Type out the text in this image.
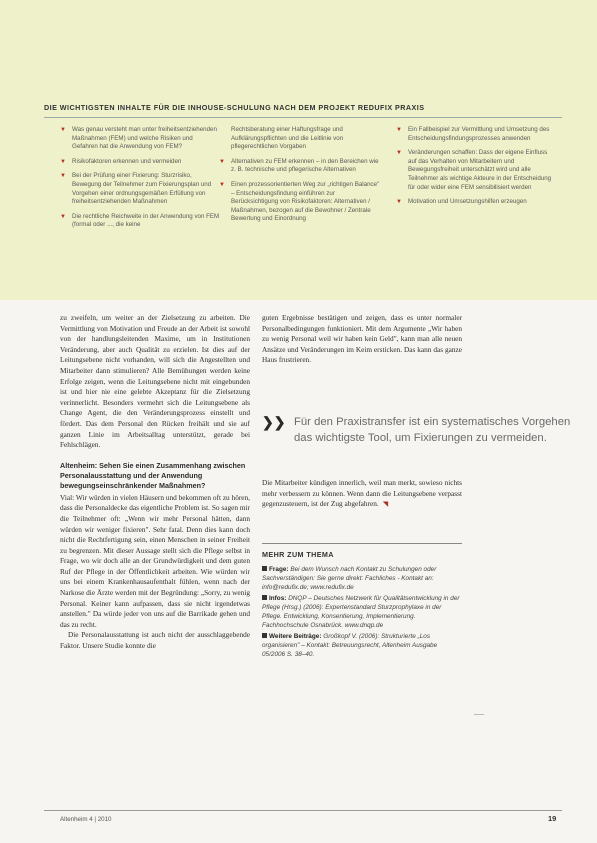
DIE WICHTIGSTEN INHALTE FÜR DIE INHOUSE-SCHULUNG NACH DEM PROJEKT REDUFIX PRAXIS
▼ Was genau versteht man unter freiheitsentziehenden Maßnahmen (FEM) und welche Risiken und Gefahren hat die Anwendung von FEM?
▼ Risikofaktoren erkennen und vermeiden
▼ Bei der Prüfung einer Fixierung: Sturzrisiko, Bewegung der Teilnehmer zum Fixierungsplan und Vorgehen einer ordnungsgemäßen Erfüllung von freiheitsentziehenden Maßnahmen
▼ Die rechtliche Reichweite in der Anwendung von FEM (formal oder ..., die keine
Rechtsberatung einer Haftungsfrage und Aufklärungspflichten und die Leitlinie von pflegerechtlichen Vorgaben
▼ Alternativen zu FEM erkennen – in den Bereichen wie z. B. technische und pflegerische Alternativen
▼ Einen prozessorientierten Weg zur „richtigen Balance" – Entscheidungsfindung einführen zur Berücksichtigung von Risikofaktoren: Alternativen / Maßnahmen, bezogen auf die Bewohner / Zentrale Bewertung und Einordnung
▼ Ein Fallbeispiel zur Vermittlung und Umsetzung des Entscheidungsfindungsprozesses anwenden
▼ Veränderungen schaffen: Dass der eigene Einfluss auf das Verhalten von Mitarbeitern und Bewegungsfreiheit unterschätzt wird und alle Teilnehmer als wichtige Akteure in der Entscheidung für oder wider eine FEM sensibilisiert werden
▼ Motivation und Umsetzungshilfen erzeugen

zu zweifeln, um weiter an der Zielsetzung zu arbeiten. Die Vermittlung von Motivation und Freude an der Arbeit ist sowohl von der handlungsleitenden Maxime, um in Institutionen Veränderung, aber auch Qualität zu erzielen. Ist dies auf der Leitungsebene nicht vorhanden, will sich die Angestellten und Mitarbeiter dann stimulieren? Alle Bemühungen werden keine Erfolge zeigen, wenn die Leitungsebene nicht mit eingebunden ist und hier nie eine gelebte Akzeptanz für die Zielsetzung verinnerlicht. Besonders vermehrt sich die Leitungsebene als Change Agent, die den Veränderungsprozess einstellt und fördert. Das dem Personal den Rücken freihält und sie auf ganzen Linie im Arbeitsalltag unterstützt, gerade bei Fehlschlägen.

Altenheim: Sehen Sie einen Zusammenhang zwischen Personalausstattung und der Anwendung bewegungseinschränkender Maßnahmen?

Vial: Wir würden in vielen Häusern und bekommen oft zu hören, dass die Personaldecke das eigentliche Problem ist. So sagen mir die Teilnehmer oft: „Wenn wir mehr Personal hätten, dann würden wir weniger fixieren". Sehr fatal. Denn dies kann doch nicht die Rechtfertigung sein, einen Menschen in seiner Freiheit zu begrenzen. Mit dieser Aussage stellt sich die Pflege selbst in Frage, wo wir doch alle an der Grundwürdigkeit und dem guten Ruf der Pflege in der Öffentlichkeit arbeiten. Wie würden wir uns bei einem Krankenhausaufenthalt fühlen, wenn nach der Narkose die Ärzte werden mit der Begründung: „Sorry, zu wenig Personal. Keiner kann aufpassen, dass sie nicht irgendetwas anstellen." Da würde jeder von uns auf die Barrikade gehen und das zu recht.

Die Personalausstattung ist auch nicht der ausschlaggebende Faktor. Unsere Studie konnte die

guten Ergebnisse bestätigen und zeigen, dass es unter normaler Personalbedingungen funktioniert. Mit dem Argumente „Wir haben zu wenig Personal weil wir haben kein Geld", kann man alle neuen Ansätze und Veränderungen im Keim ersticken. Das kann das ganze Haus frustrieren.

Für den Praxistransfer ist ein systematisches Vorgehen das wichtigste Tool, um Fixierungen zu vermeiden.
❯❯

Die Mitarbeiter kündigen innerlich, weil man merkt, sowieso nichts mehr verbessern zu können. Wenn dann die Leitungsebene verpasst gegenzusteuern, ist der Zug abgefahren. ◥

MEHR ZUM THEMA
Frage: Bei dem Wunsch nach Kontakt zu Schulungen oder Sachverständigen: Sie gerne direkt: Fachliches - Kontakt an: info@redufix.de; www.redufix.de
Infos: DNQP – Deutsches Netzwerk für Qualitätsentwicklung in der Pflege (Hrsg.) (2006): Expertenstandard Sturzprophylaxe in der Pflege. Entwicklung, Konsentierung, Implementierung. Fachhochschule Osnabrück. www.dnqp.de
Weitere Beiträge: Großkopf V. (2006): Strukturierte „Los organisieren" – Kontakt: Betreuungsrecht, Altenheim Ausgabe 05/2006 S. 38–40.
Altenheim 4 | 2010	19
